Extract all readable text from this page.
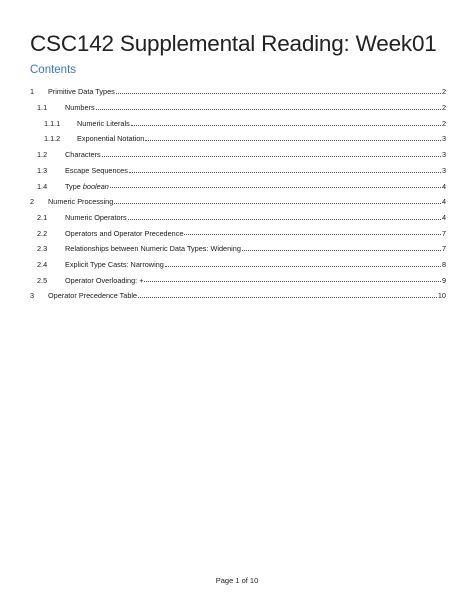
CSC142 Supplemental Reading: Week01
Contents
1	Primitive Data Types	2
1.1	Numbers	2
1.1.1	Numeric Literals	2
1.1.2	Exponential Notation	3
1.2	Characters	3
1.3	Escape Sequences	3
1.4	Type boolean	4
2	Numeric Processing	4
2.1	Numeric Operators	4
2.2	Operators and Operator Precedence	7
2.3	Relationships between Numeric Data Types: Widening	7
2.4	Explicit Type Casts: Narrowing	8
2.5	Operator Overloading: +	9
3	Operator Precedence Table	10
Page 1 of 10
